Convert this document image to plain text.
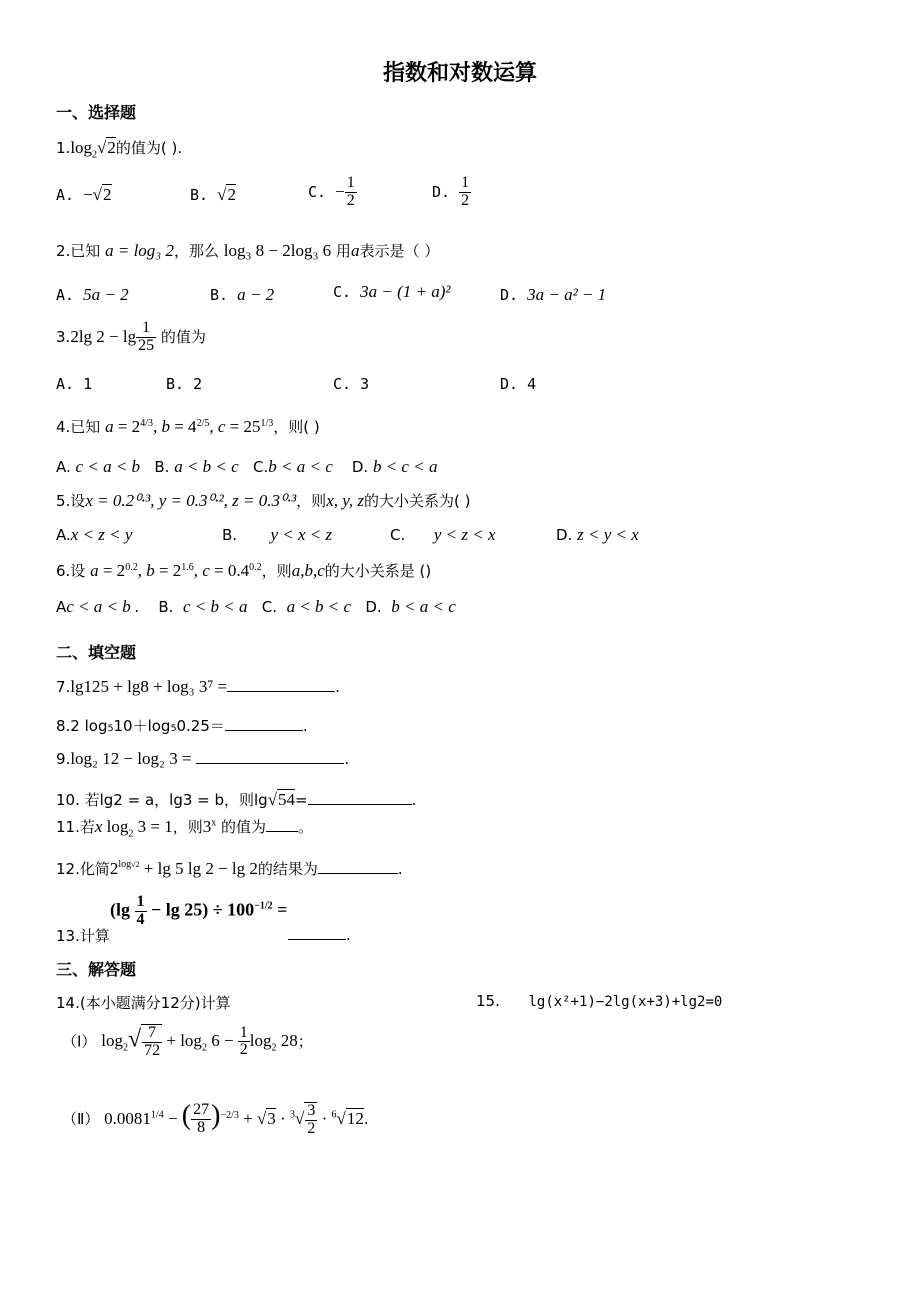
指数和对数运算
一、选择题
$1.\log_2√2$的值为( ).
A. −√2	B. √2	C. − $\frac{1}{2}$	D. $\frac{1}{2}$
2.已知 a = log₃ 2，那么 log₃ 8 − 2log₃ 6 用a表示是（ ）
A. 5a − 2	B. a − 2	C. 3a − (1 + a)²	D. 3a − a² − 1
3.2lg $2 - \lg \frac{1}{25}$ 的值为
A. 1	B. 2	C. 3	D. 4
4.已知 $a = 2^{4/3}$, $b = 4^{2/5}$, $c = 25^{1/3}$，则( )
A. c < a < b B. a < b < c C.b < a < c D. b < c < a
5.设x = 0.2⁰·³, y = 0.3⁰·², z = 0.3⁰·³，则x, y, z的大小关系为( )
A.x < z < y	B. y < x < z	C. y < z < x	D. z < y < x
6.设 $a = 2^{0.2}$, $b = 2^{1.6}$, $c = 0.4^{0.2}$，则a,b,c的大小关系是 ()
Ac < a < b . B. c < b < a C. a < b < c D. b < a < c
二、填空题
7.lg125 + lg8 + log₃ 3⁷ =	.
8.2 log₅10＋log₅0.25＝	.
9.log₂ 12 − log₂ 3 =	.
10. 若lg2 = a，lg3 = b，则lg√54=	.
11.若x $\log_2 3 = 1$，则3$^x$ 的值为 。
12.化简$2^{log√2} + \lg 5$ lg 2 − lg 2的结果为	.
$(\lg \frac{1}{4} - \lg 25) \div 100^{-1/2}$ =
13.计算	.
三、解答题
14.(本小题满分12分)计算	15. lg(x²+1)−2lg(x+3)+lg2=0
（Ⅰ） $\log_2√ \frac{7}{72} + \log_2 6 - \frac{1}{2} \log_2 28$；
（Ⅱ） $0.0081^{1/4}$ − ( $\frac{27}{8} )^{-2/3} + √3 \cdot ^3√ \frac{3}{2} \cdot ^6√12$.
